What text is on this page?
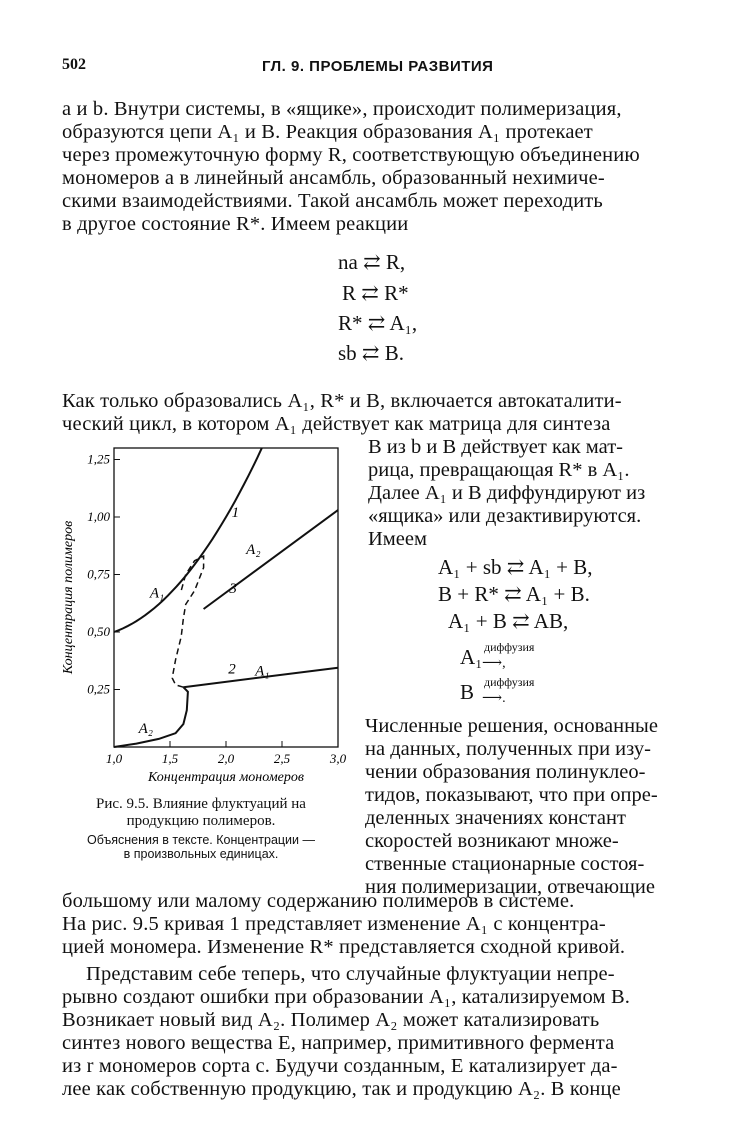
502	ГЛ. 9. ПРОБЛЕМЫ РАЗВИТИЯ
а и b. Внутри системы, в «ящике», происходит полимеризация,
образуются цепи A₁ и B. Реакция образования A₁ протекает
через промежуточную форму R, соответствующую объединению
мономеров а в линейный ансамбль, образованный нехимиче-
скими взаимодействиями. Такой ансамбль может переходить
в другое состояние R*. Имеем реакции
na ⇄ R,
R ⇄ R*
R* ⇄ A₁,
sb ⇄ B.
Как только образовались A₁, R* и B, включается автокаталити-
ческий цикл, в котором A₁ действует как матрица для синтеза
B из b и B действует как мат-
рица, превращающая R* в A₁.
Далее A₁ и B диффундируют из
«ящика» или дезактивируются.
Имеем
A₁ + sb ⇄ A₁ + B,
B + R* ⇄ A₁ + B.
A₁ + B ⇄ AB,
A₁ диффузия
⟶,
B диффузия
⟶.
Численные решения, основанные
на данных, полученных при изу-
чении образования полинуклео-
тидов, показывают, что при опре-
деленных значениях констант
скоростей возникают множе-
ственные стационарные состоя-
ния полимеризации, отвечающие
0,25
0,50
0,75
1,00
1,25
1,0	1,5	2,0	2,5	3,0
Концентрация мономеров
Концентрация полимеров
1
2
3
A₁
A₂
A₁
A₂
Рис. 9.5. Влияние флуктуаций на
продукцию полимеров.
Объяснения в тексте. Концентрации —
в произвольных единицах.
большому или малому содержанию полимеров в системе.
На рис. 9.5 кривая 1 представляет изменение A₁ с концентра-
цией мономера. Изменение R* представляется сходной кривой.
Представим себе теперь, что случайные флуктуации непре-
рывно создают ошибки при образовании A₁, катализируемом B.
Возникает новый вид A₂. Полимер A₂ может катализировать
синтез нового вещества E, например, примитивного фермента
из r мономеров сорта c. Будучи созданным, E катализирует да-
лее как собственную продукцию, так и продукцию A₂. В конце
